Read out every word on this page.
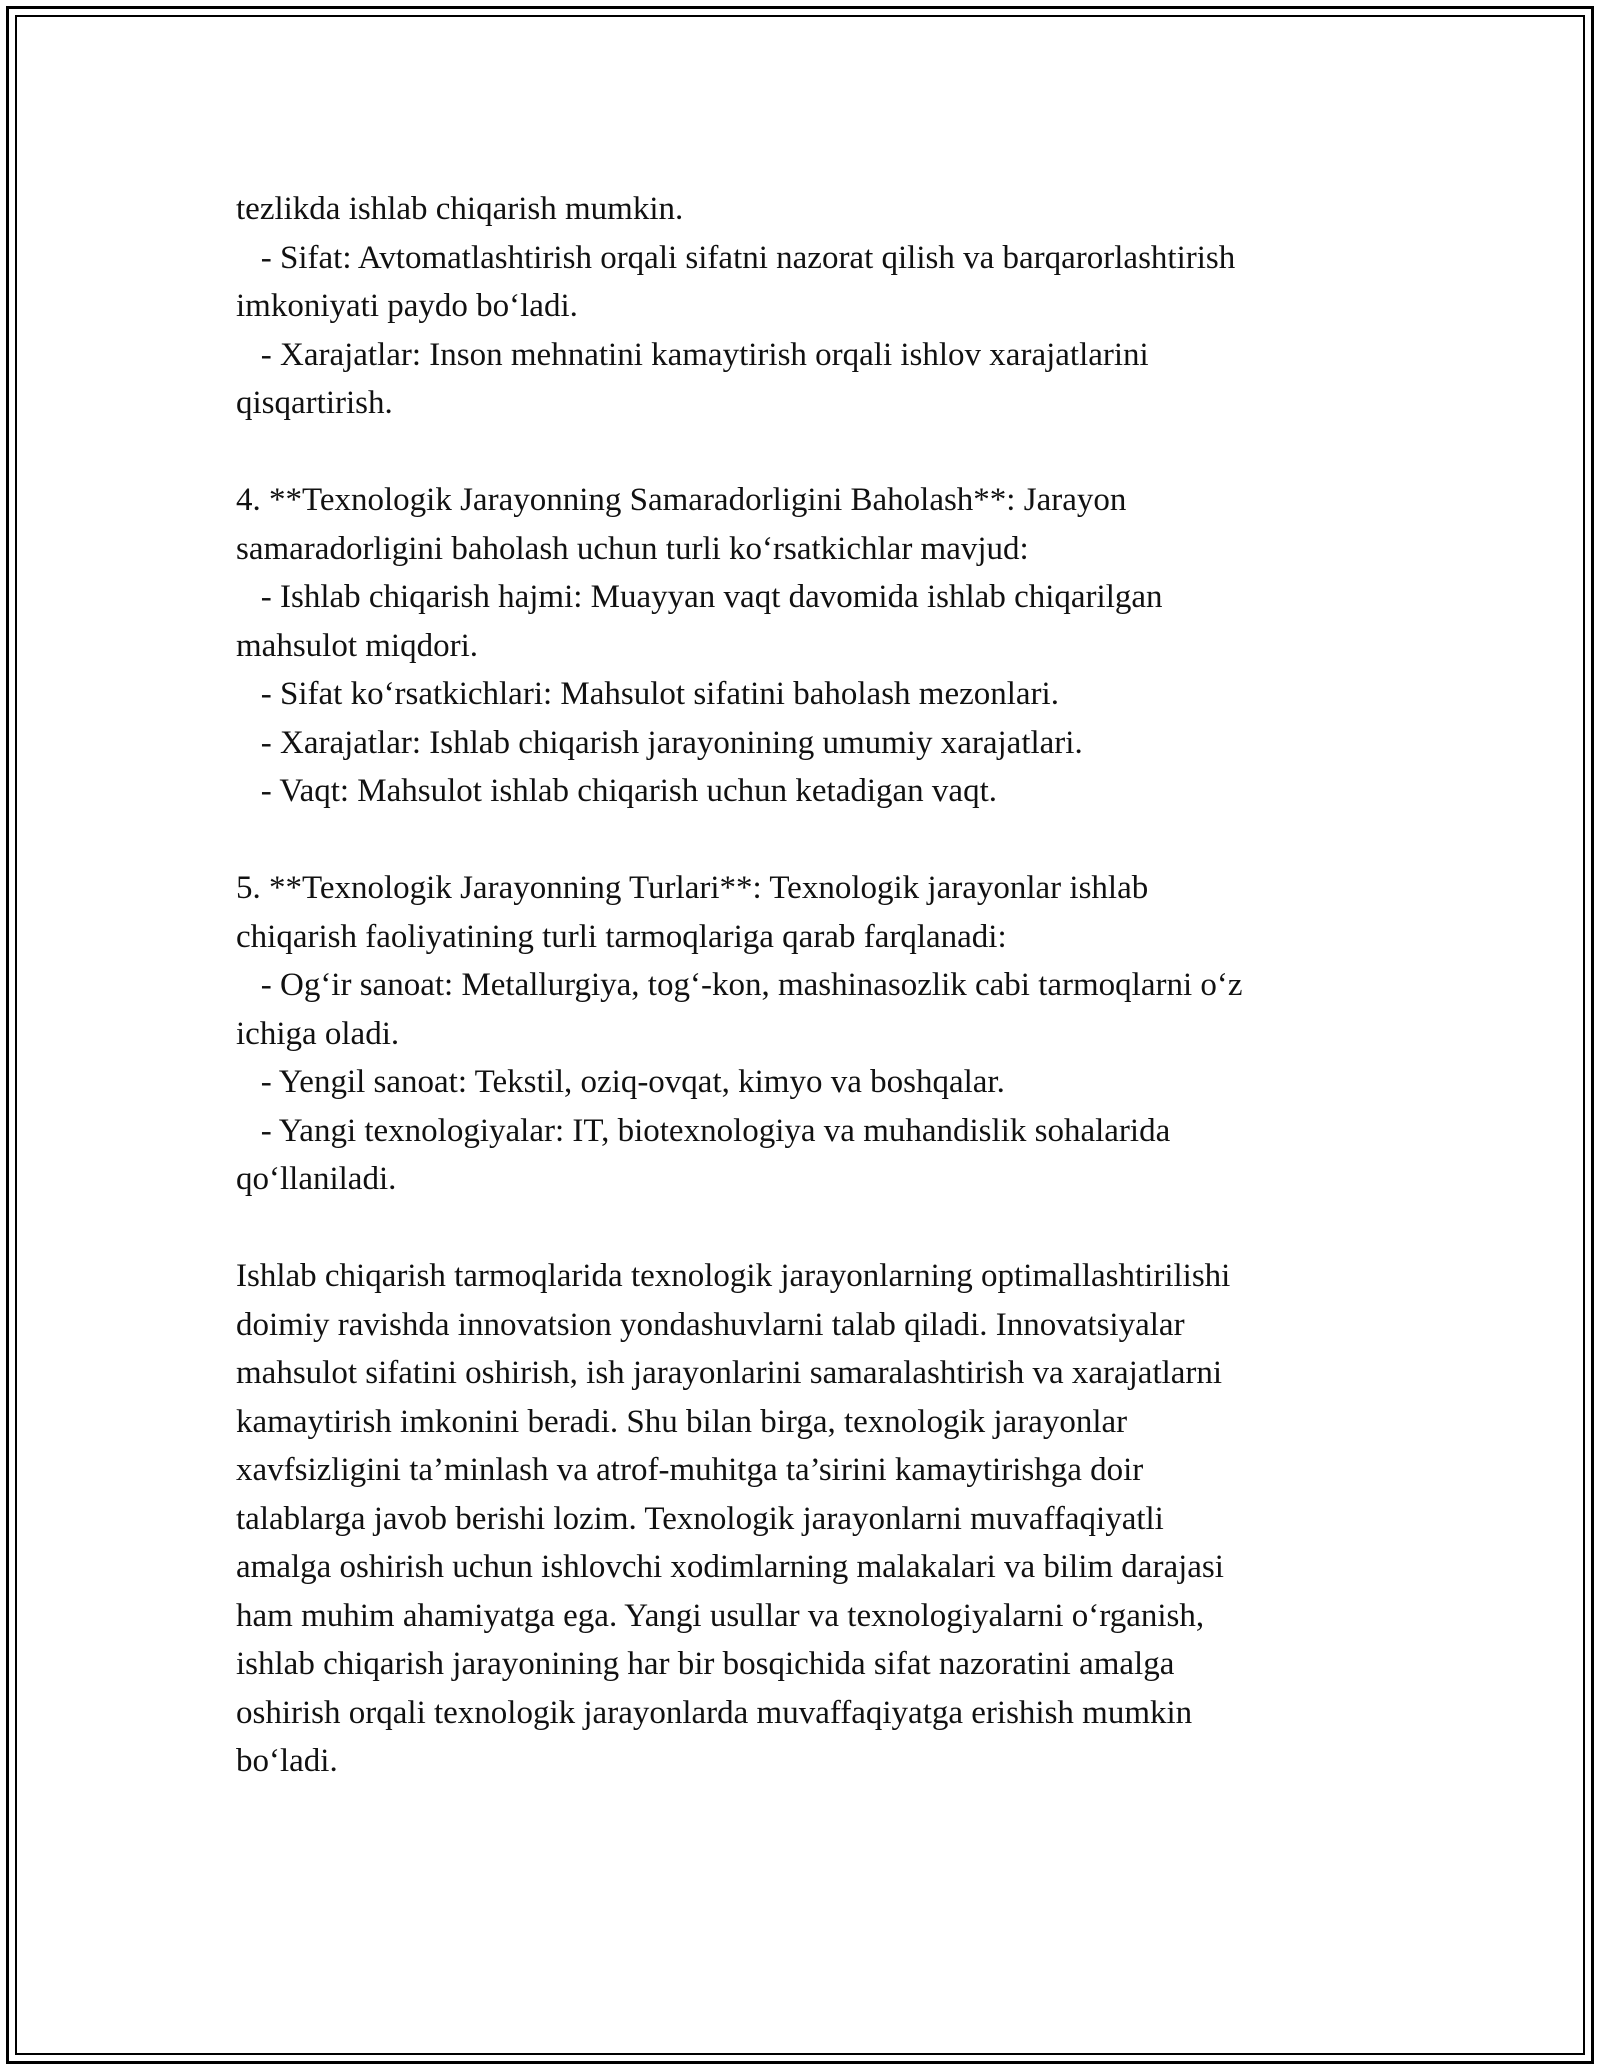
tezlikda ishlab chiqarish mumkin.
- Sifat: Avtomatlashtirish orqali sifatni nazorat qilish va barqarorlashtirish
imkoniyati paydo bo‘ladi.
- Xarajatlar: Inson mehnatini kamaytirish orqali ishlov xarajatlarini
qisqartirish.
4. **Texnologik Jarayonning Samaradorligini Baholash**: Jarayon
samaradorligini baholash uchun turli ko‘rsatkichlar mavjud:
- Ishlab chiqarish hajmi: Muayyan vaqt davomida ishlab chiqarilgan
mahsulot miqdori.
- Sifat ko‘rsatkichlari: Mahsulot sifatini baholash mezonlari.
- Xarajatlar: Ishlab chiqarish jarayonining umumiy xarajatlari.
- Vaqt: Mahsulot ishlab chiqarish uchun ketadigan vaqt.
5. **Texnologik Jarayonning Turlari**: Texnologik jarayonlar ishlab
chiqarish faoliyatining turli tarmoqlariga qarab farqlanadi:
- Og‘ir sanoat: Metallurgiya, tog‘-kon, mashinasozlik cabi tarmoqlarni o‘z
ichiga oladi.
- Yengil sanoat: Tekstil, oziq-ovqat, kimyo va boshqalar.
- Yangi texnologiyalar: IT, biotexnologiya va muhandislik sohalarida
qo‘llaniladi.
Ishlab chiqarish tarmoqlarida texnologik jarayonlarning optimallashtirilishi
doimiy ravishda innovatsion yondashuvlarni talab qiladi. Innovatsiyalar
mahsulot sifatini oshirish, ish jarayonlarini samaralashtirish va xarajatlarni
kamaytirish imkonini beradi. Shu bilan birga, texnologik jarayonlar
xavfsizligini ta’minlash va atrof-muhitga ta’sirini kamaytirishga doir
talablarga javob berishi lozim. Texnologik jarayonlarni muvaffaqiyatli
amalga oshirish uchun ishlovchi xodimlarning malakalari va bilim darajasi
ham muhim ahamiyatga ega. Yangi usullar va texnologiyalarni o‘rganish,
ishlab chiqarish jarayonining har bir bosqichida sifat nazoratini amalga
oshirish orqali texnologik jarayonlarda muvaffaqiyatga erishish mumkin
bo‘ladi.
